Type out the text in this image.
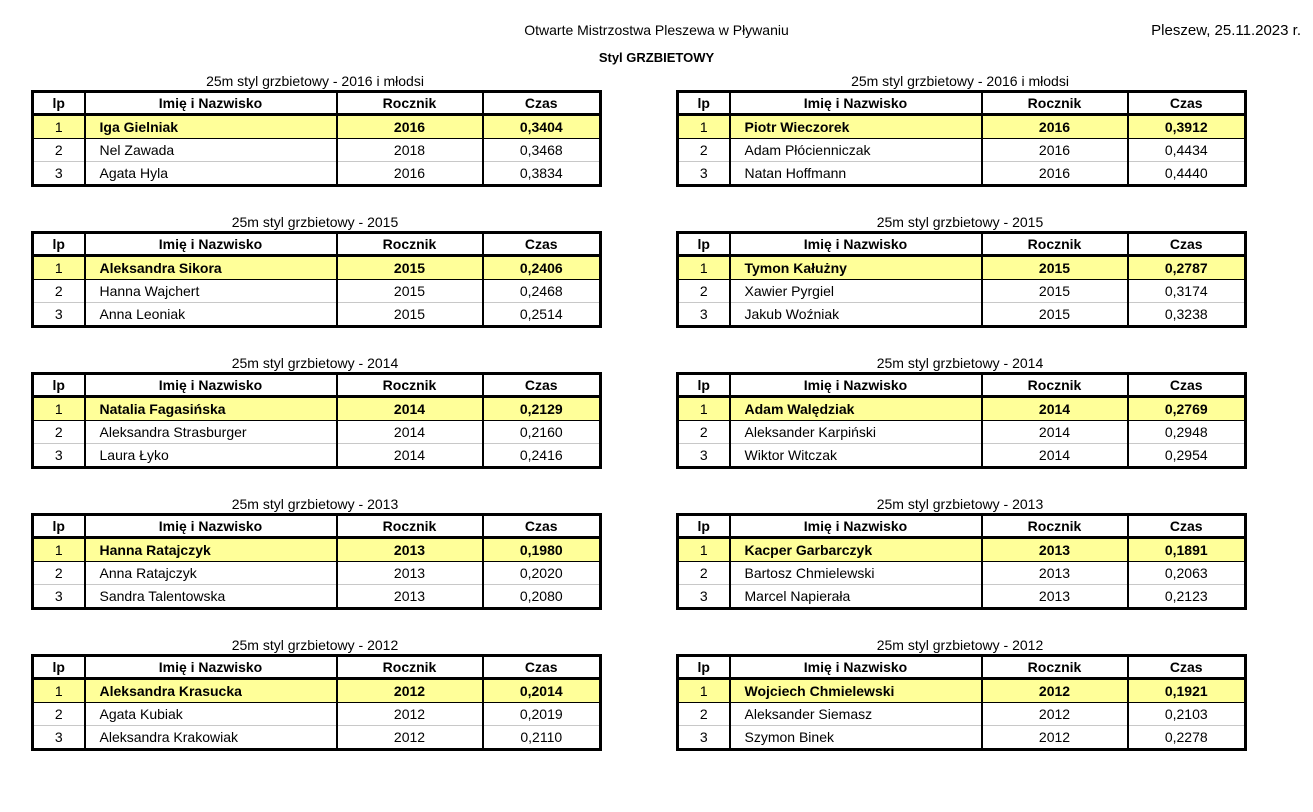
Otwarte Mistrzostwa Pleszewa w Pływaniu	Pleszew, 25.11.2023 r.
Styl GRZBIETOWY
25m styl grzbietowy - 2016 i młodsi
lp	Imię i Nazwisko	Rocznik	Czas
1	Iga Gielniak	2016	0,3404
2	Nel Zawada	2018	0,3468
3	Agata Hyla	2016	0,3834
25m styl grzbietowy - 2015
lp	Imię i Nazwisko	Rocznik	Czas
1	Aleksandra Sikora	2015	0,2406
2	Hanna Wajchert	2015	0,2468
3	Anna Leoniak	2015	0,2514
25m styl grzbietowy - 2014
lp	Imię i Nazwisko	Rocznik	Czas
1	Natalia Fagasińska	2014	0,2129
2	Aleksandra Strasburger	2014	0,2160
3	Laura Łyko	2014	0,2416
25m styl grzbietowy - 2013
lp	Imię i Nazwisko	Rocznik	Czas
1	Hanna Ratajczyk	2013	0,1980
2	Anna Ratajczyk	2013	0,2020
3	Sandra Talentowska	2013	0,2080
25m styl grzbietowy - 2012
lp	Imię i Nazwisko	Rocznik	Czas
1	Aleksandra Krasucka	2012	0,2014
2	Agata Kubiak	2012	0,2019
3	Aleksandra Krakowiak	2012	0,2110
25m styl grzbietowy - 2016 i młodsi
lp	Imię i Nazwisko	Rocznik	Czas
1	Piotr Wieczorek	2016	0,3912
2	Adam Płócienniczak	2016	0,4434
3	Natan Hoffmann	2016	0,4440
25m styl grzbietowy - 2015
lp	Imię i Nazwisko	Rocznik	Czas
1	Tymon Kałużny	2015	0,2787
2	Xawier Pyrgiel	2015	0,3174
3	Jakub Woźniak	2015	0,3238
25m styl grzbietowy - 2014
lp	Imię i Nazwisko	Rocznik	Czas
1	Adam Walędziak	2014	0,2769
2	Aleksander Karpiński	2014	0,2948
3	Wiktor Witczak	2014	0,2954
25m styl grzbietowy - 2013
lp	Imię i Nazwisko	Rocznik	Czas
1	Kacper Garbarczyk	2013	0,1891
2	Bartosz Chmielewski	2013	0,2063
3	Marcel Napierała	2013	0,2123
25m styl grzbietowy - 2012
lp	Imię i Nazwisko	Rocznik	Czas
1	Wojciech Chmielewski	2012	0,1921
2	Aleksander Siemasz	2012	0,2103
3	Szymon Binek	2012	0,2278
